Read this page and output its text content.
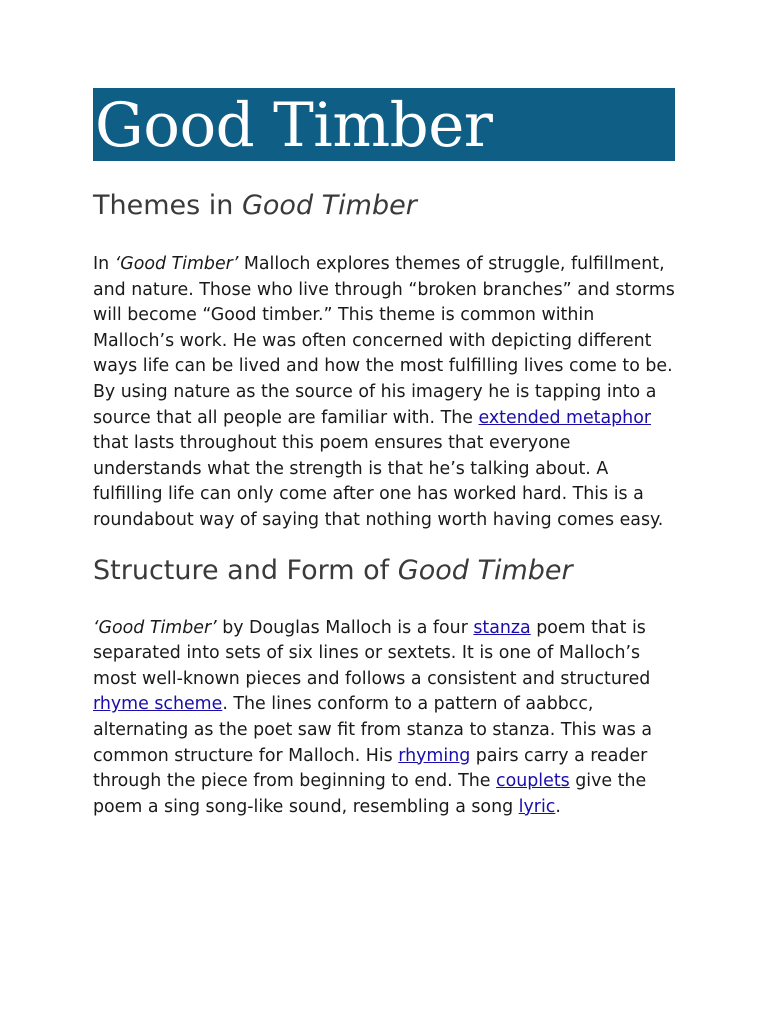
Good Timber
Themes in Good Timber

In ‘Good Timber’ Malloch explores themes of struggle, fulfillment, and nature. Those who live through “broken branches” and storms will become “Good timber.” This theme is common within Malloch’s work. He was often concerned with depicting different ways life can be lived and how the most fulfilling lives come to be. By using nature as the source of his imagery he is tapping into a source that all people are familiar with. The extended metaphor that lasts throughout this poem ensures that everyone understands what the strength is that he’s talking about. A fulfilling life can only come after one has worked hard. This is a roundabout way of saying that nothing worth having comes easy.

Structure and Form of Good Timber

‘Good Timber’ by Douglas Malloch is a four stanza poem that is separated into sets of six lines or sextets. It is one of Malloch’s most well-known pieces and follows a consistent and structured rhyme scheme. The lines conform to a pattern of aabbcc, alternating as the poet saw fit from stanza to stanza. This was a common structure for Malloch. His rhyming pairs carry a reader through the piece from beginning to end. The couplets give the poem a sing song-like sound, resembling a song lyric.
